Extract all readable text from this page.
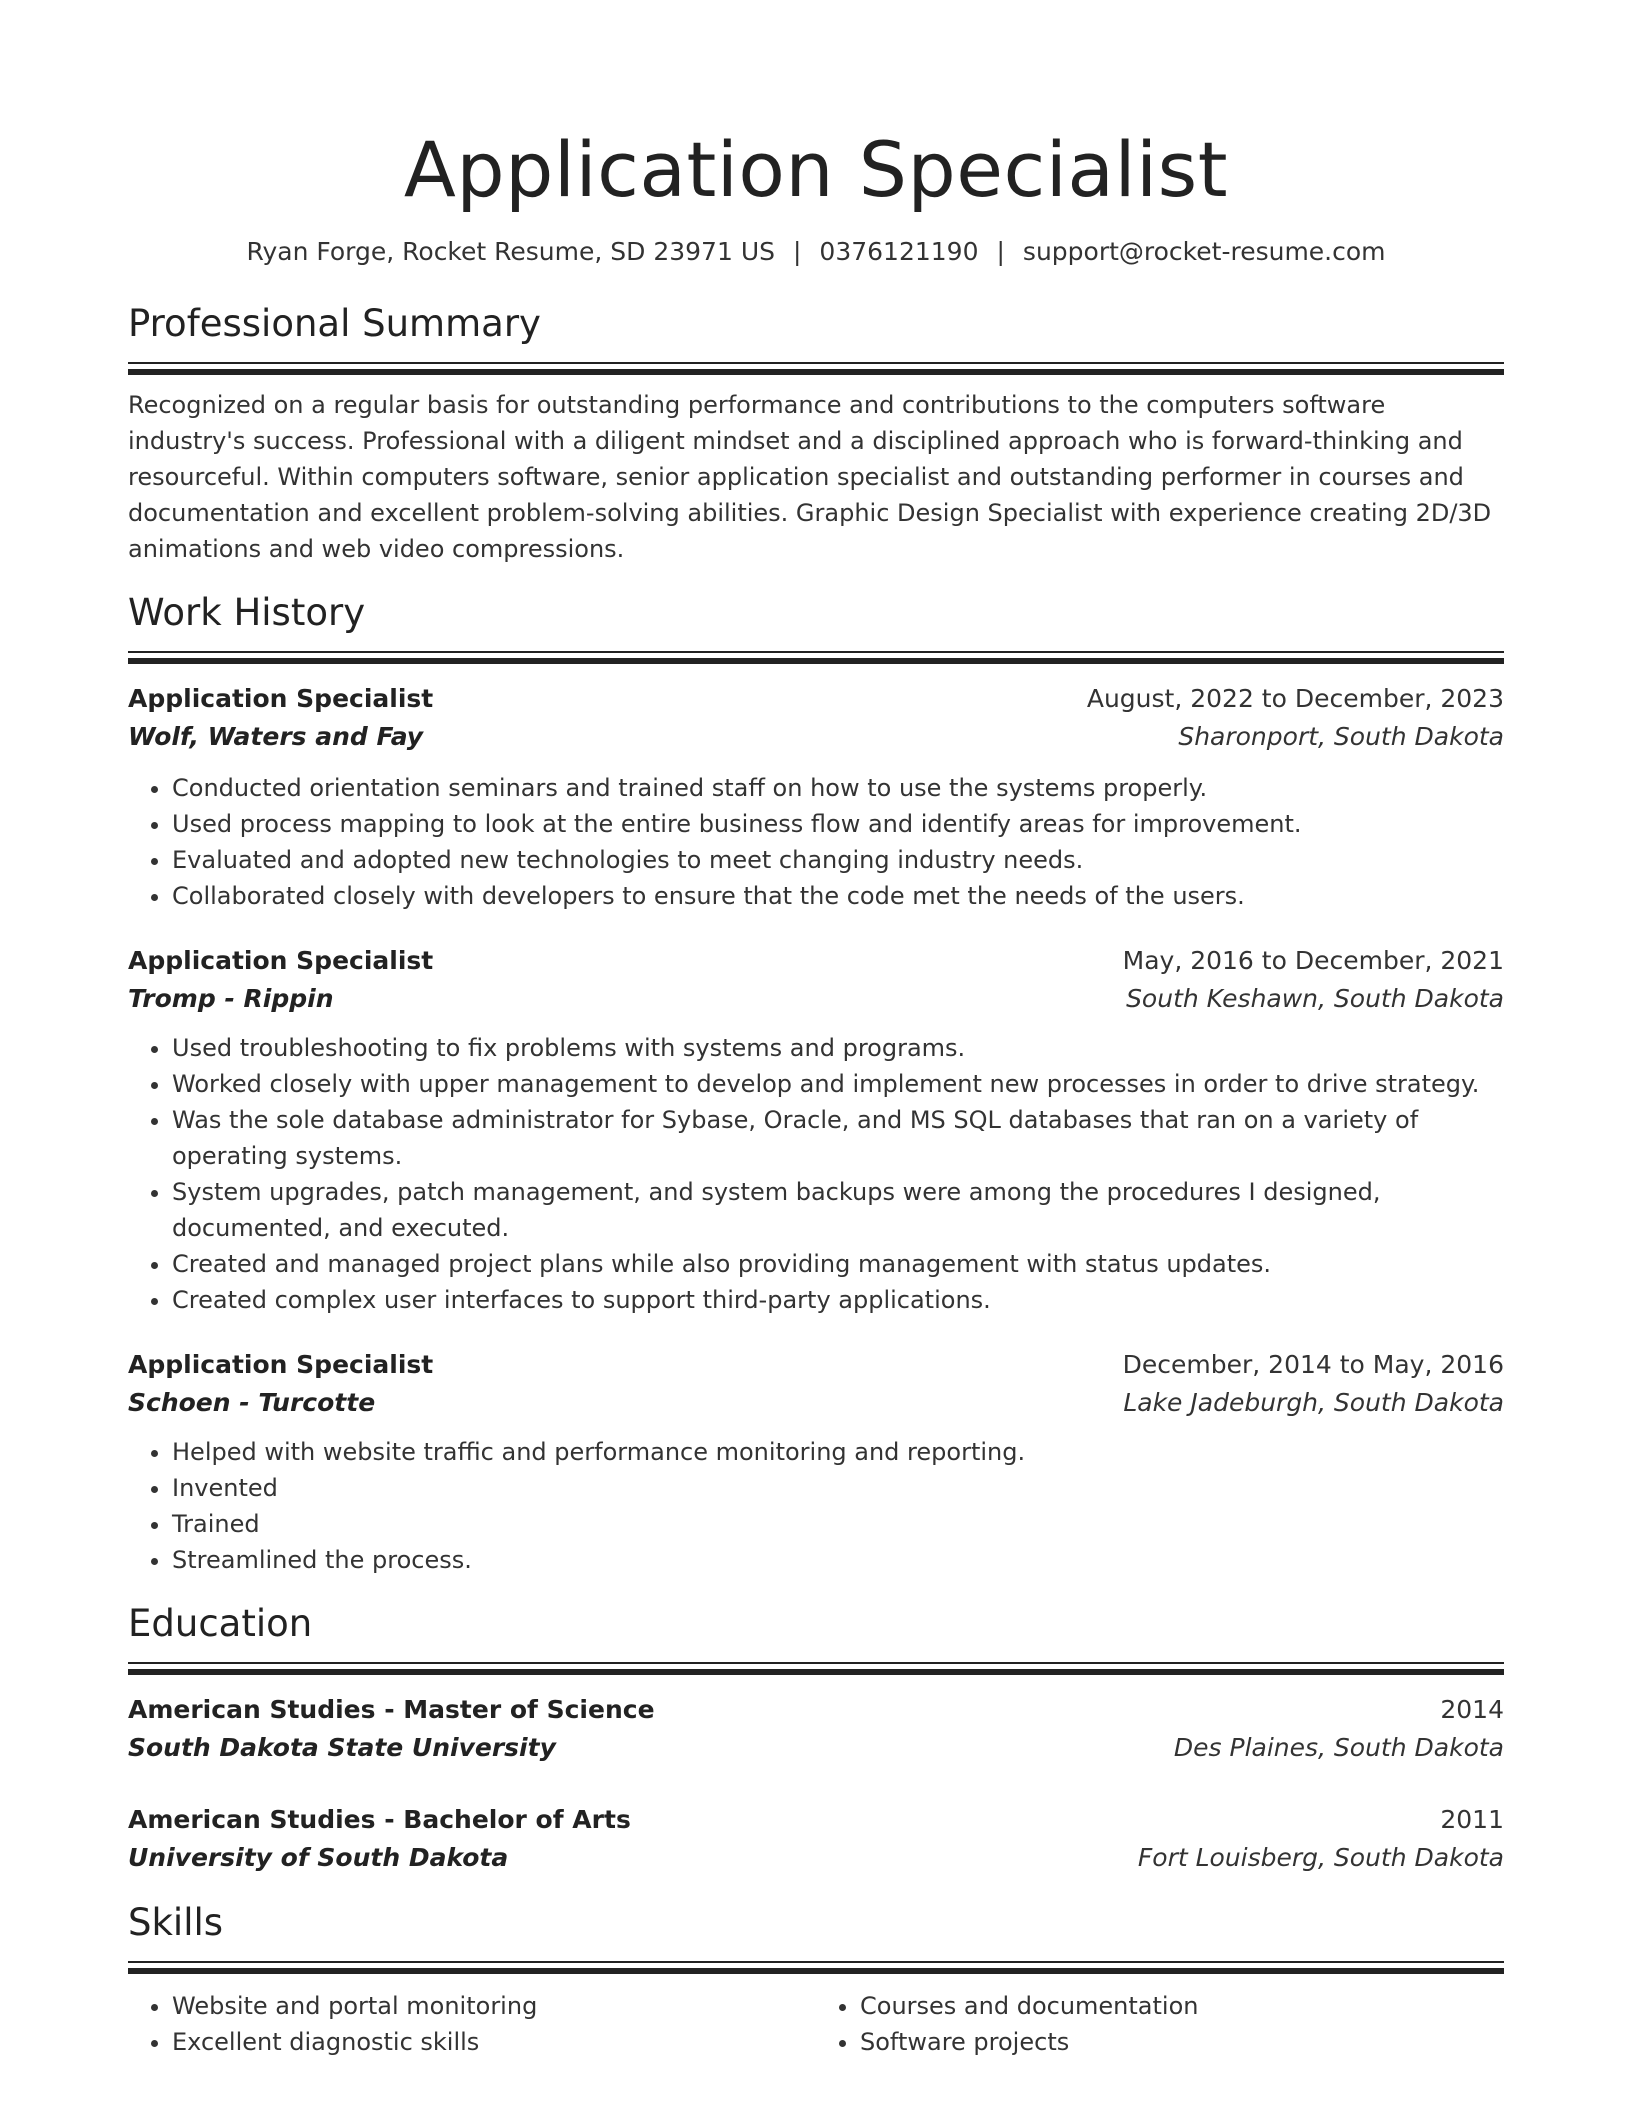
Application Specialist
Ryan Forge, Rocket Resume, SD 23971 US | 0376121190 | support@rocket-resume.com
Professional Summary
Recognized on a regular basis for outstanding performance and contributions to the computers software industry's success. Professional with a diligent mindset and a disciplined approach who is forward-thinking and resourceful. Within computers software, senior application specialist and outstanding performer in courses and documentation and excellent problem-solving abilities. Graphic Design Specialist with experience creating 2D/3D animations and web video compressions.
Work History
Application Specialist	August, 2022 to December, 2023
Wolf, Waters and Fay	Sharonport, South Dakota
• Conducted orientation seminars and trained staff on how to use the systems properly.
• Used process mapping to look at the entire business flow and identify areas for improvement.
• Evaluated and adopted new technologies to meet changing industry needs.
• Collaborated closely with developers to ensure that the code met the needs of the users.
Application Specialist	May, 2016 to December, 2021
Tromp - Rippin	South Keshawn, South Dakota
• Used troubleshooting to fix problems with systems and programs.
• Worked closely with upper management to develop and implement new processes in order to drive strategy.
• Was the sole database administrator for Sybase, Oracle, and MS SQL databases that ran on a variety of operating systems.
• System upgrades, patch management, and system backups were among the procedures I designed, documented, and executed.
• Created and managed project plans while also providing management with status updates.
• Created complex user interfaces to support third-party applications.
Application Specialist	December, 2014 to May, 2016
Schoen - Turcotte	Lake Jadeburgh, South Dakota
• Helped with website traffic and performance monitoring and reporting.
• Invented
• Trained
• Streamlined the process.
Education
American Studies - Master of Science	2014
South Dakota State University	Des Plaines, South Dakota
American Studies - Bachelor of Arts	2011
University of South Dakota	Fort Louisberg, South Dakota
Skills
• Website and portal monitoring
• Excellent diagnostic skills
• Courses and documentation
• Software projects
